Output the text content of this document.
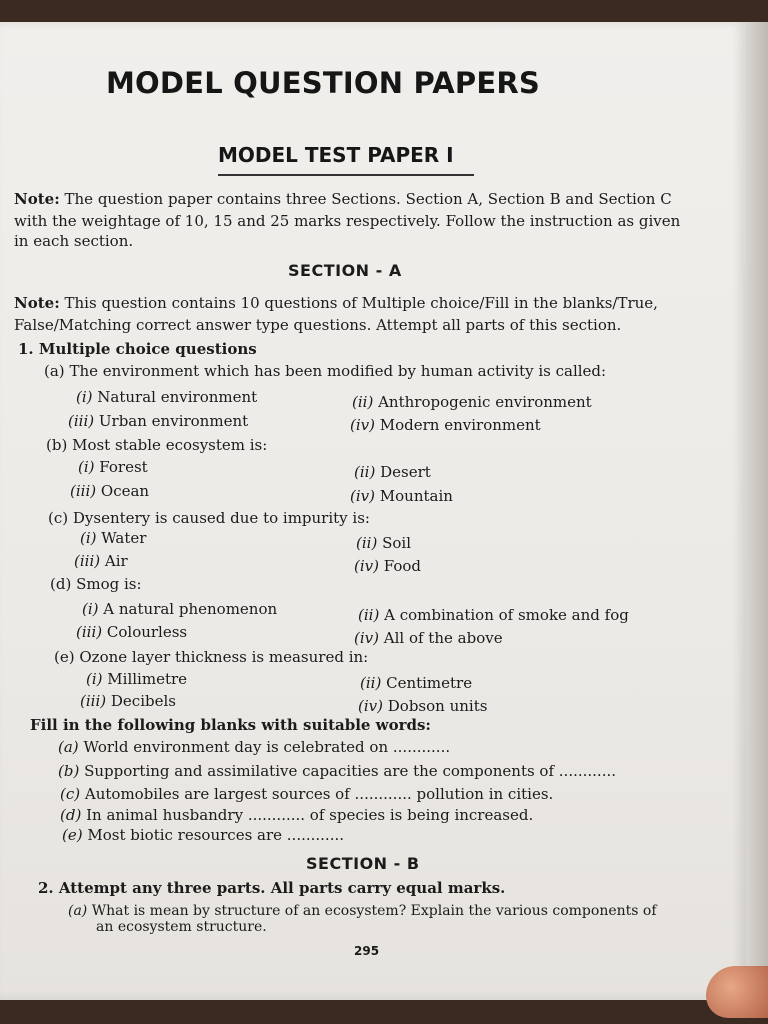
MODEL QUESTION PAPERS
MODEL TEST PAPER I
Note: The question paper contains three Sections. Section A, Section B and Section C
with the weightage of 10, 15 and 25 marks respectively. Follow the instruction as given
in each section.
SECTION - A
Note: This question contains 10 questions of Multiple choice/Fill in the blanks/True,
False/Matching correct answer type questions. Attempt all parts of this section.
1. Multiple choice questions
(a) The environment which has been modified by human activity is called:
(i) Natural environment	(ii) Anthropogenic environment
(iii) Urban environment	(iv) Modern environment
(b) Most stable ecosystem is:
(i) Forest	(ii) Desert
(iii) Ocean	(iv) Mountain
(c) Dysentery is caused due to impurity is:
(i) Water	(ii) Soil
(iii) Air	(iv) Food
(d) Smog is:
(i) A natural phenomenon	(ii) A combination of smoke and fog
(iii) Colourless	(iv) All of the above
(e) Ozone layer thickness is measured in:
(i) Millimetre	(ii) Centimetre
(iii) Decibels	(iv) Dobson units
Fill in the following blanks with suitable words:
(a) World environment day is celebrated on ............
(b) Supporting and assimilative capacities are the components of ............
(c) Automobiles are largest sources of ............ pollution in cities.
(d) In animal husbandry ............ of species is being increased.
(e) Most biotic resources are ............
SECTION - B
2. Attempt any three parts. All parts carry equal marks.
(a) What is mean by structure of an ecosystem? Explain the various components of
an ecosystem structure.
295
